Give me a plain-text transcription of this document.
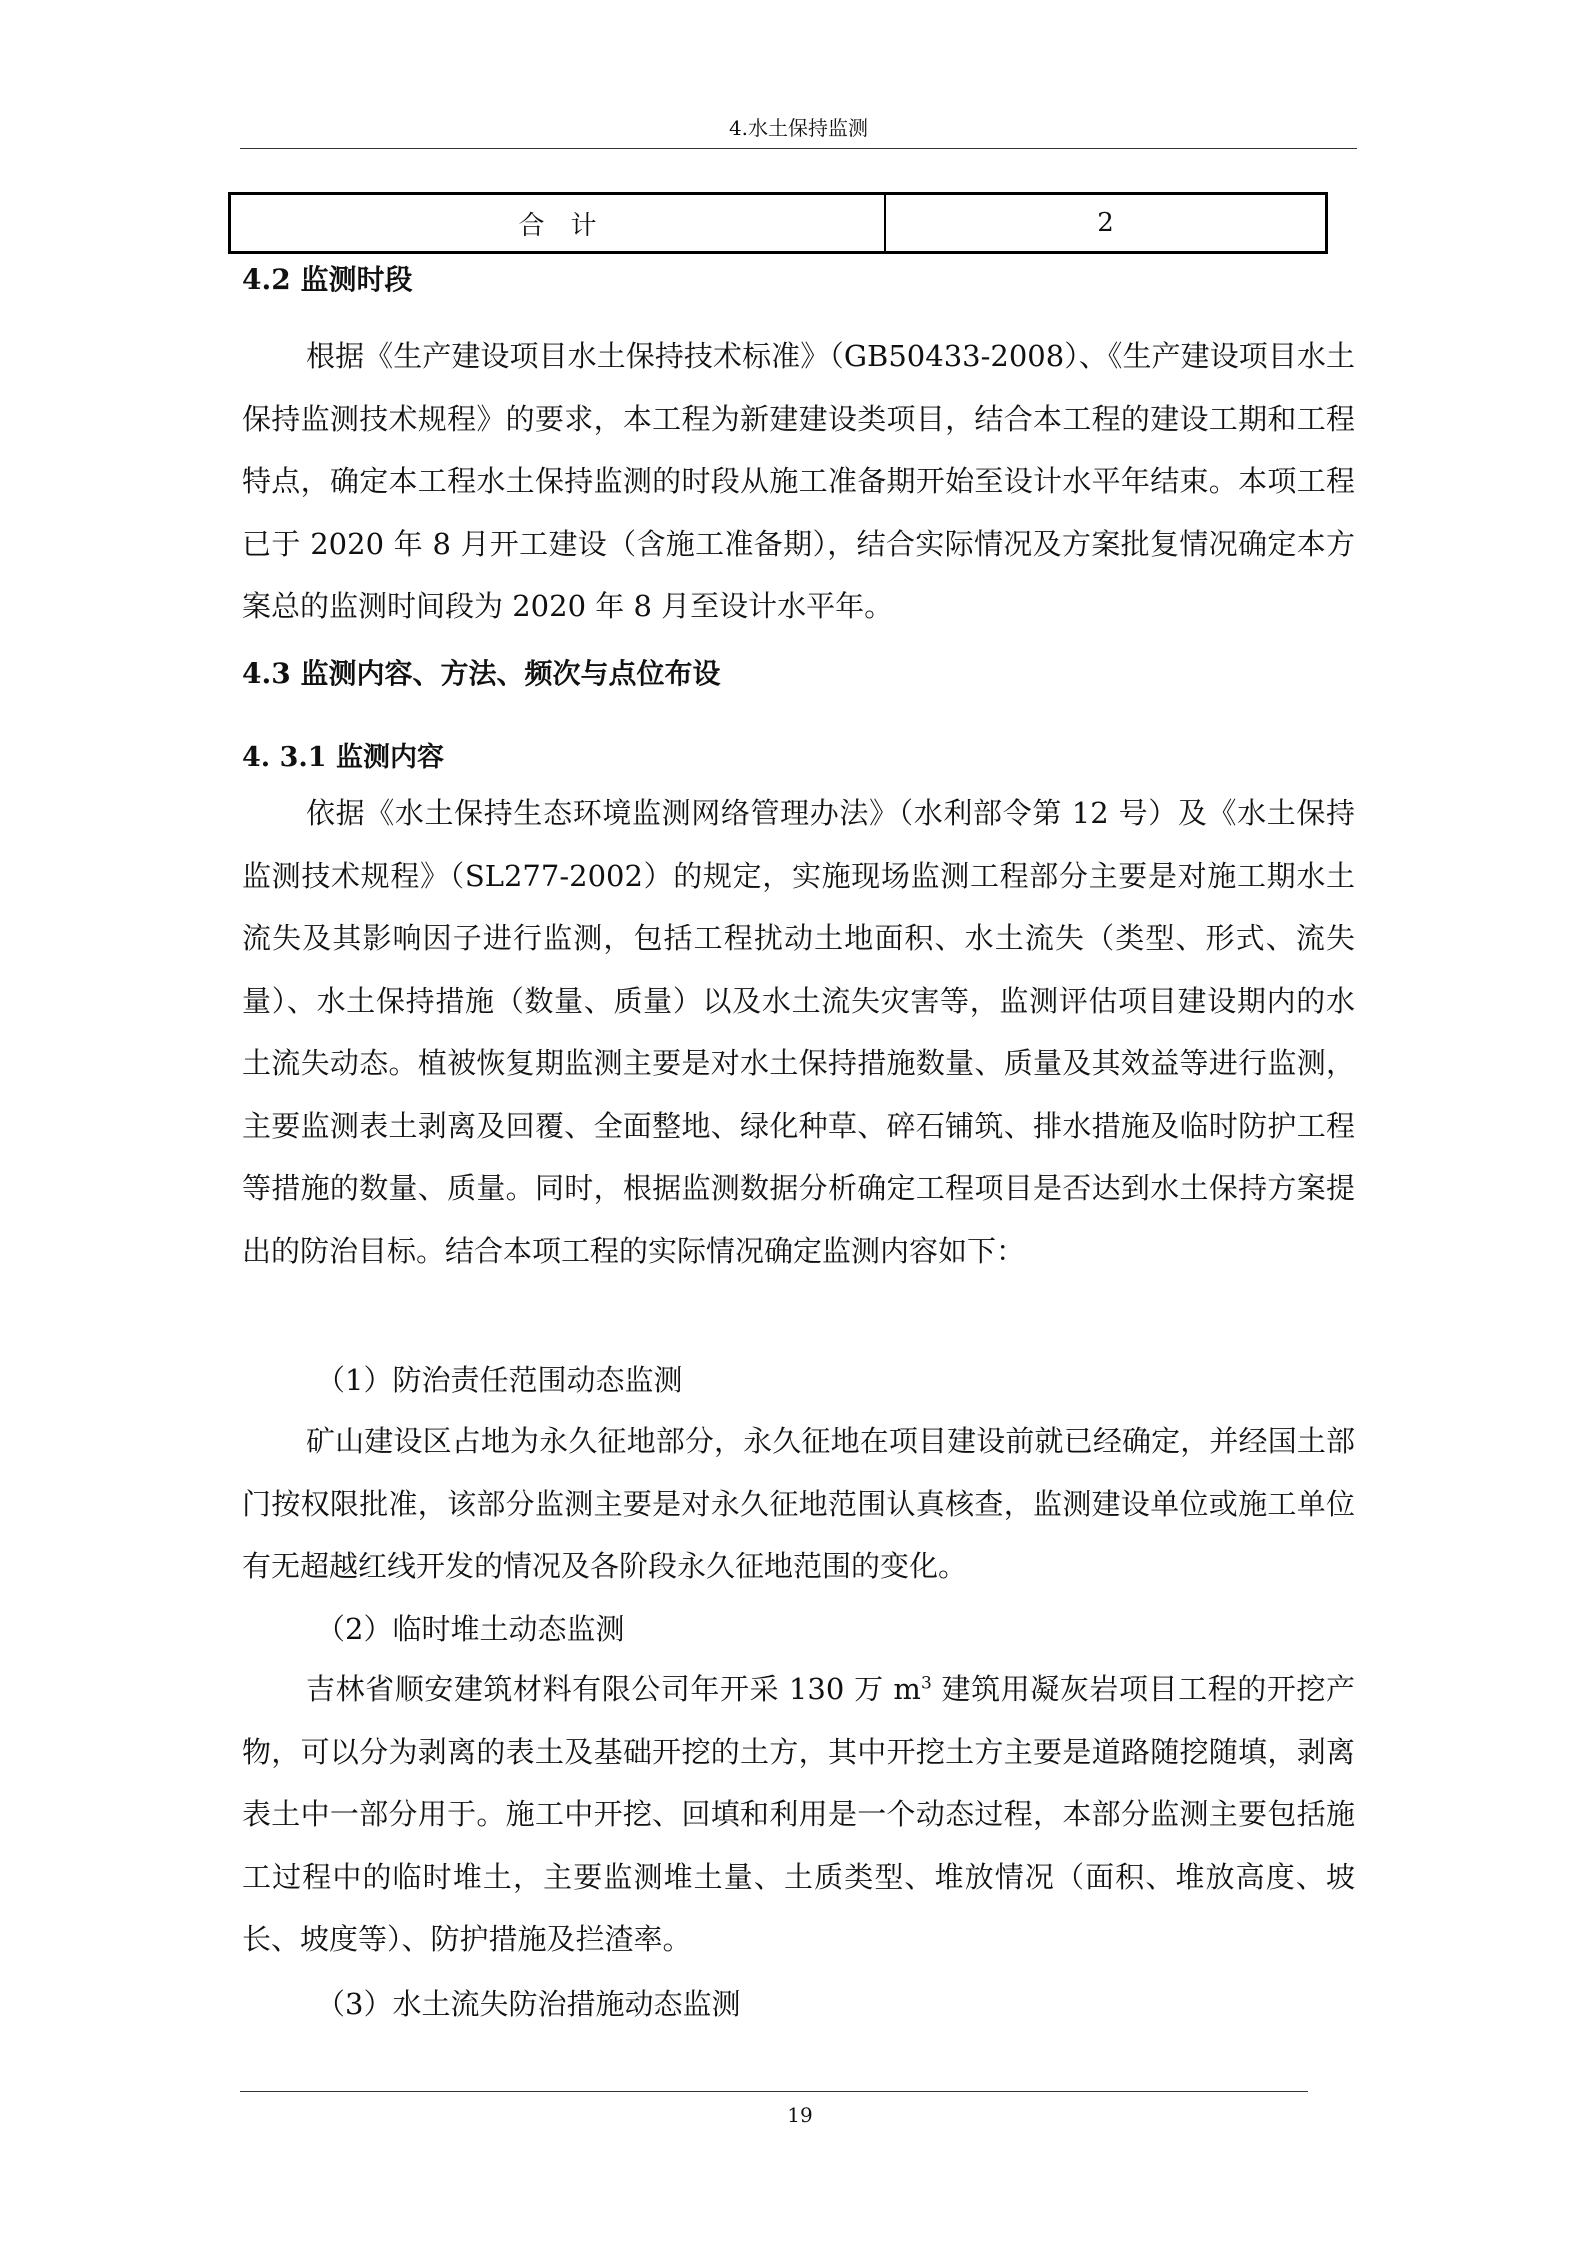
4.水土保持监测
合　计	2
4.2 监测时段

根据《生产建设项目水土保持技术标准》（GB50433-2008）、《生产建设项目水土保持监测技术规程》的要求，本工程为新建建设类项目，结合本工程的建设工期和工程特点，确定本工程水土保持监测的时段从施工准备期开始至设计水平年结束。本项工程已于 2020 年 8 月开工建设（含施工准备期），结合实际情况及方案批复情况确定本方案总的监测时间段为 2020 年 8 月至设计水平年。

4.3 监测内容、方法、频次与点位布设
4. 3.1 监测内容

依据《水土保持生态环境监测网络管理办法》（水利部令第 12 号）及《水土保持监测技术规程》（SL277-2002）的规定，实施现场监测工程部分主要是对施工期水土流失及其影响因子进行监测，包括工程扰动土地面积、水土流失（类型、形式、流失量）、水土保持措施（数量、质量）以及水土流失灾害等，监测评估项目建设期内的水土流失动态。植被恢复期监测主要是对水土保持措施数量、质量及其效益等进行监测，主要监测表土剥离及回覆、全面整地、绿化种草、碎石铺筑、排水措施及临时防护工程等措施的数量、质量。同时，根据监测数据分析确定工程项目是否达到水土保持方案提出的防治目标。结合本项工程的实际情况确定监测内容如下：

（1）防治责任范围动态监测

矿山建设区占地为永久征地部分，永久征地在项目建设前就已经确定，并经国土部门按权限批准，该部分监测主要是对永久征地范围认真核查，监测建设单位或施工单位有无超越红线开发的情况及各阶段永久征地范围的变化。

（2）临时堆土动态监测

吉林省顺安建筑材料有限公司年开采 130 万 $m^3$ 建筑用凝灰岩项目工程的开挖产物，可以分为剥离的表土及基础开挖的土方，其中开挖土方主要是道路随挖随填，剥离表土中一部分用于。施工中开挖、回填和利用是一个动态过程，本部分监测主要包括施工过程中的临时堆土，主要监测堆土量、土质类型、堆放情况（面积、堆放高度、坡长、坡度等）、防护措施及拦渣率。

（3）水土流失防治措施动态监测
19
